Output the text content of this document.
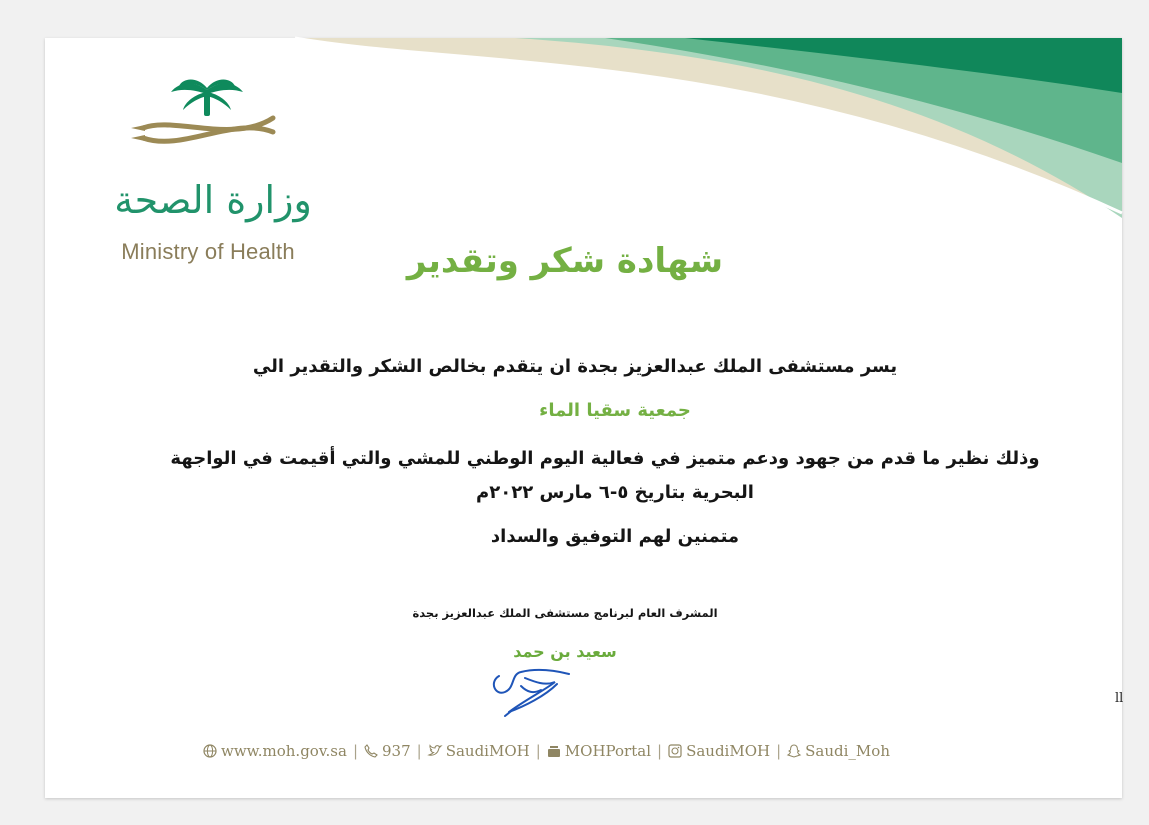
وزارة الصحة
Ministry of Health	شهادة شكر وتقدير
يسر مستشفى الملك عبدالعزيز بجدة ان يتقدم بخالص الشكر والتقدير الي
جمعية سقيا الماء
وذلك نظير ما قدم من جهود ودعم متميز في فعالية اليوم الوطني للمشي والتي أقيمت في الواجهة
البحرية بتاريخ ٥-٦ مارس ٢٠٢٢م
متمنين لهم التوفيق والسداد
المشرف العام لبرنامج مستشفى الملك عبدالعزيز بجدة
سعيد بن حمد
ll
www.moh.gov.sa | 937 | SaudiMOH | MOHPortal | SaudiMOH | Saudi_Moh
